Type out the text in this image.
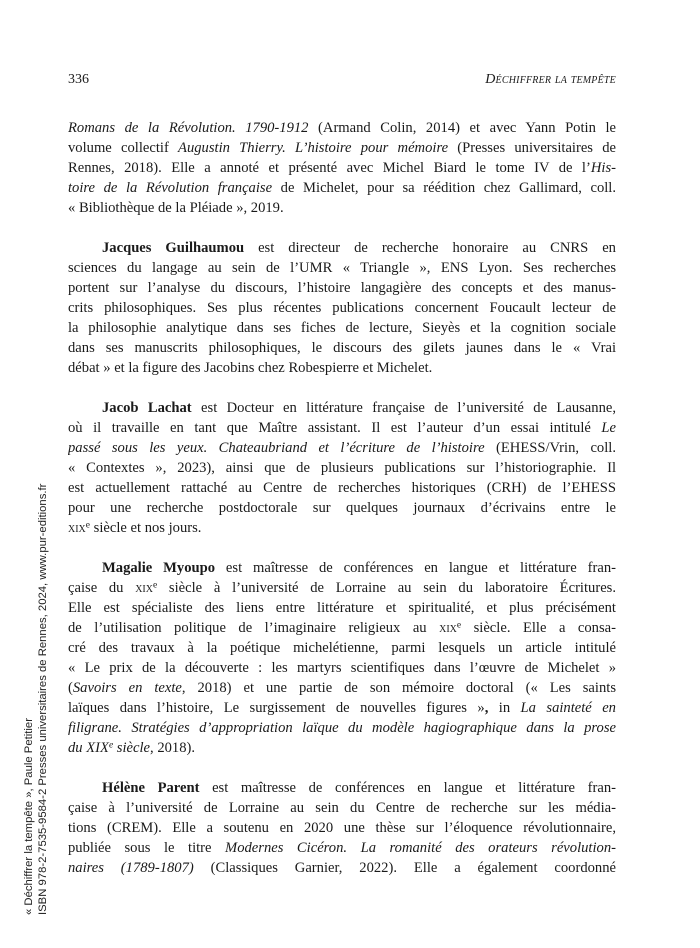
336	Déchiffrer la tempête
Romans de la Révolution. 1790-1912 (Armand Colin, 2014) et avec Yann Potin le
volume collectif Augustin Thierry. L’histoire pour mémoire (Presses universitaires de
Rennes, 2018). Elle a annoté et présenté avec Michel Biard le tome IV de l’His-
toire de la Révolution française de Michelet, pour sa réédition chez Gallimard, coll.
« Bibliothèque de la Pléiade », 2019.
Jacques Guilhaumou est directeur de recherche honoraire au CNRS en
sciences du langage au sein de l’UMR « Triangle », ENS Lyon. Ses recherches
portent sur l’analyse du discours, l’histoire langagière des concepts et des manus-
crits philosophiques. Ses plus récentes publications concernent Foucault lecteur de
la philosophie analytique dans ses fiches de lecture, Sieyès et la cognition sociale
dans ses manuscrits philosophiques, le discours des gilets jaunes dans le « Vrai
débat » et la figure des Jacobins chez Robespierre et Michelet.
Jacob Lachat est Docteur en littérature française de l’université de Lausanne,
où il travaille en tant que Maître assistant. Il est l’auteur d’un essai intitulé Le
passé sous les yeux. Chateaubriand et l’écriture de l’histoire (EHESS/Vrin, coll.
« Contextes », 2023), ainsi que de plusieurs publications sur l’historiographie. Il
est actuellement rattaché au Centre de recherches historiques (CRH) de l’EHESS
pour une recherche postdoctorale sur quelques journaux d’écrivains entre le
xix$^e$ siècle et nos jours.
Magalie Myoupo est maîtresse de conférences en langue et littérature fran-
çaise du xix$^e$ siècle à l’université de Lorraine au sein du laboratoire Écritures.
Elle est spécialiste des liens entre littérature et spiritualité, et plus précisément
de l’utilisation politique de l’imaginaire religieux au xix$^e$ siècle. Elle a consa-
cré des travaux à la poétique michelétienne, parmi lesquels un article intitulé
« Le prix de la découverte : les martyrs scientifiques dans l’œuvre de Michelet »
(Savoirs en texte, 2018) et une partie de son mémoire doctoral (« Les saints
laïques dans l’histoire, Le surgissement de nouvelles figures », in La sainteté en
filigrane. Stratégies d’appropriation laïque du modèle hagiographique dans la prose
du XIXe siècle, 2018).
Hélène Parent est maîtresse de conférences en langue et littérature fran-
çaise à l’université de Lorraine au sein du Centre de recherche sur les média-
tions (CREM). Elle a soutenu en 2020 une thèse sur l’éloquence révolutionnaire,
publiée sous le titre Modernes Cicéron. La romanité des orateurs révolution-
naires (1789-1807) (Classiques Garnier, 2022). Elle a également coordonné
« Déchiffrer la tempête », Paule Petitier ISBN 978-2-7535-9584-2 Presses universitaires de Rennes, 2024, www.pur-editions.fr
